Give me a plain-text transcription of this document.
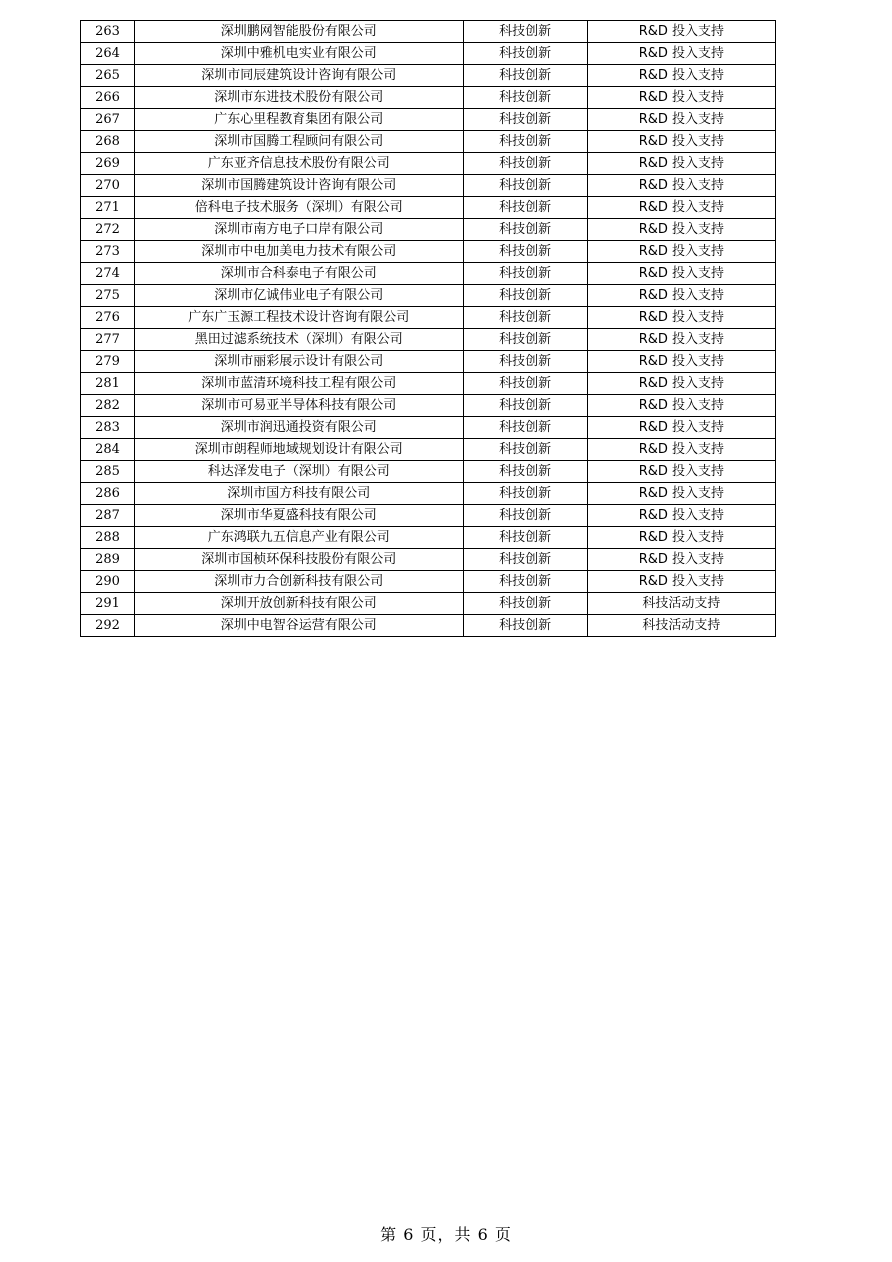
263	深圳鹏网智能股份有限公司	科技创新	R&D 投入支持
264	深圳中雅机电实业有限公司	科技创新	R&D 投入支持
265	深圳市同辰建筑设计咨询有限公司	科技创新	R&D 投入支持
266	深圳市东进技术股份有限公司	科技创新	R&D 投入支持
267	广东心里程教育集团有限公司	科技创新	R&D 投入支持
268	深圳市国腾工程顾问有限公司	科技创新	R&D 投入支持
269	广东亚齐信息技术股份有限公司	科技创新	R&D 投入支持
270	深圳市国腾建筑设计咨询有限公司	科技创新	R&D 投入支持
271	倍科电子技术服务（深圳）有限公司	科技创新	R&D 投入支持
272	深圳市南方电子口岸有限公司	科技创新	R&D 投入支持
273	深圳市中电加美电力技术有限公司	科技创新	R&D 投入支持
274	深圳市合科泰电子有限公司	科技创新	R&D 投入支持
275	深圳市亿诚伟业电子有限公司	科技创新	R&D 投入支持
276	广东广玉源工程技术设计咨询有限公司	科技创新	R&D 投入支持
277	黑田过滤系统技术（深圳）有限公司	科技创新	R&D 投入支持
279	深圳市丽彩展示设计有限公司	科技创新	R&D 投入支持
281	深圳市蓝清环境科技工程有限公司	科技创新	R&D 投入支持
282	深圳市可易亚半导体科技有限公司	科技创新	R&D 投入支持
283	深圳市润迅通投资有限公司	科技创新	R&D 投入支持
284	深圳市朗程师地域规划设计有限公司	科技创新	R&D 投入支持
285	科达泽发电子（深圳）有限公司	科技创新	R&D 投入支持
286	深圳市国方科技有限公司	科技创新	R&D 投入支持
287	深圳市华夏盛科技有限公司	科技创新	R&D 投入支持
288	广东鸿联九五信息产业有限公司	科技创新	R&D 投入支持
289	深圳市国桢环保科技股份有限公司	科技创新	R&D 投入支持
290	深圳市力合创新科技有限公司	科技创新	R&D 投入支持
291	深圳开放创新科技有限公司	科技创新	科技活动支持
292	深圳中电智谷运营有限公司	科技创新	科技活动支持
第 6 页，共 6 页
